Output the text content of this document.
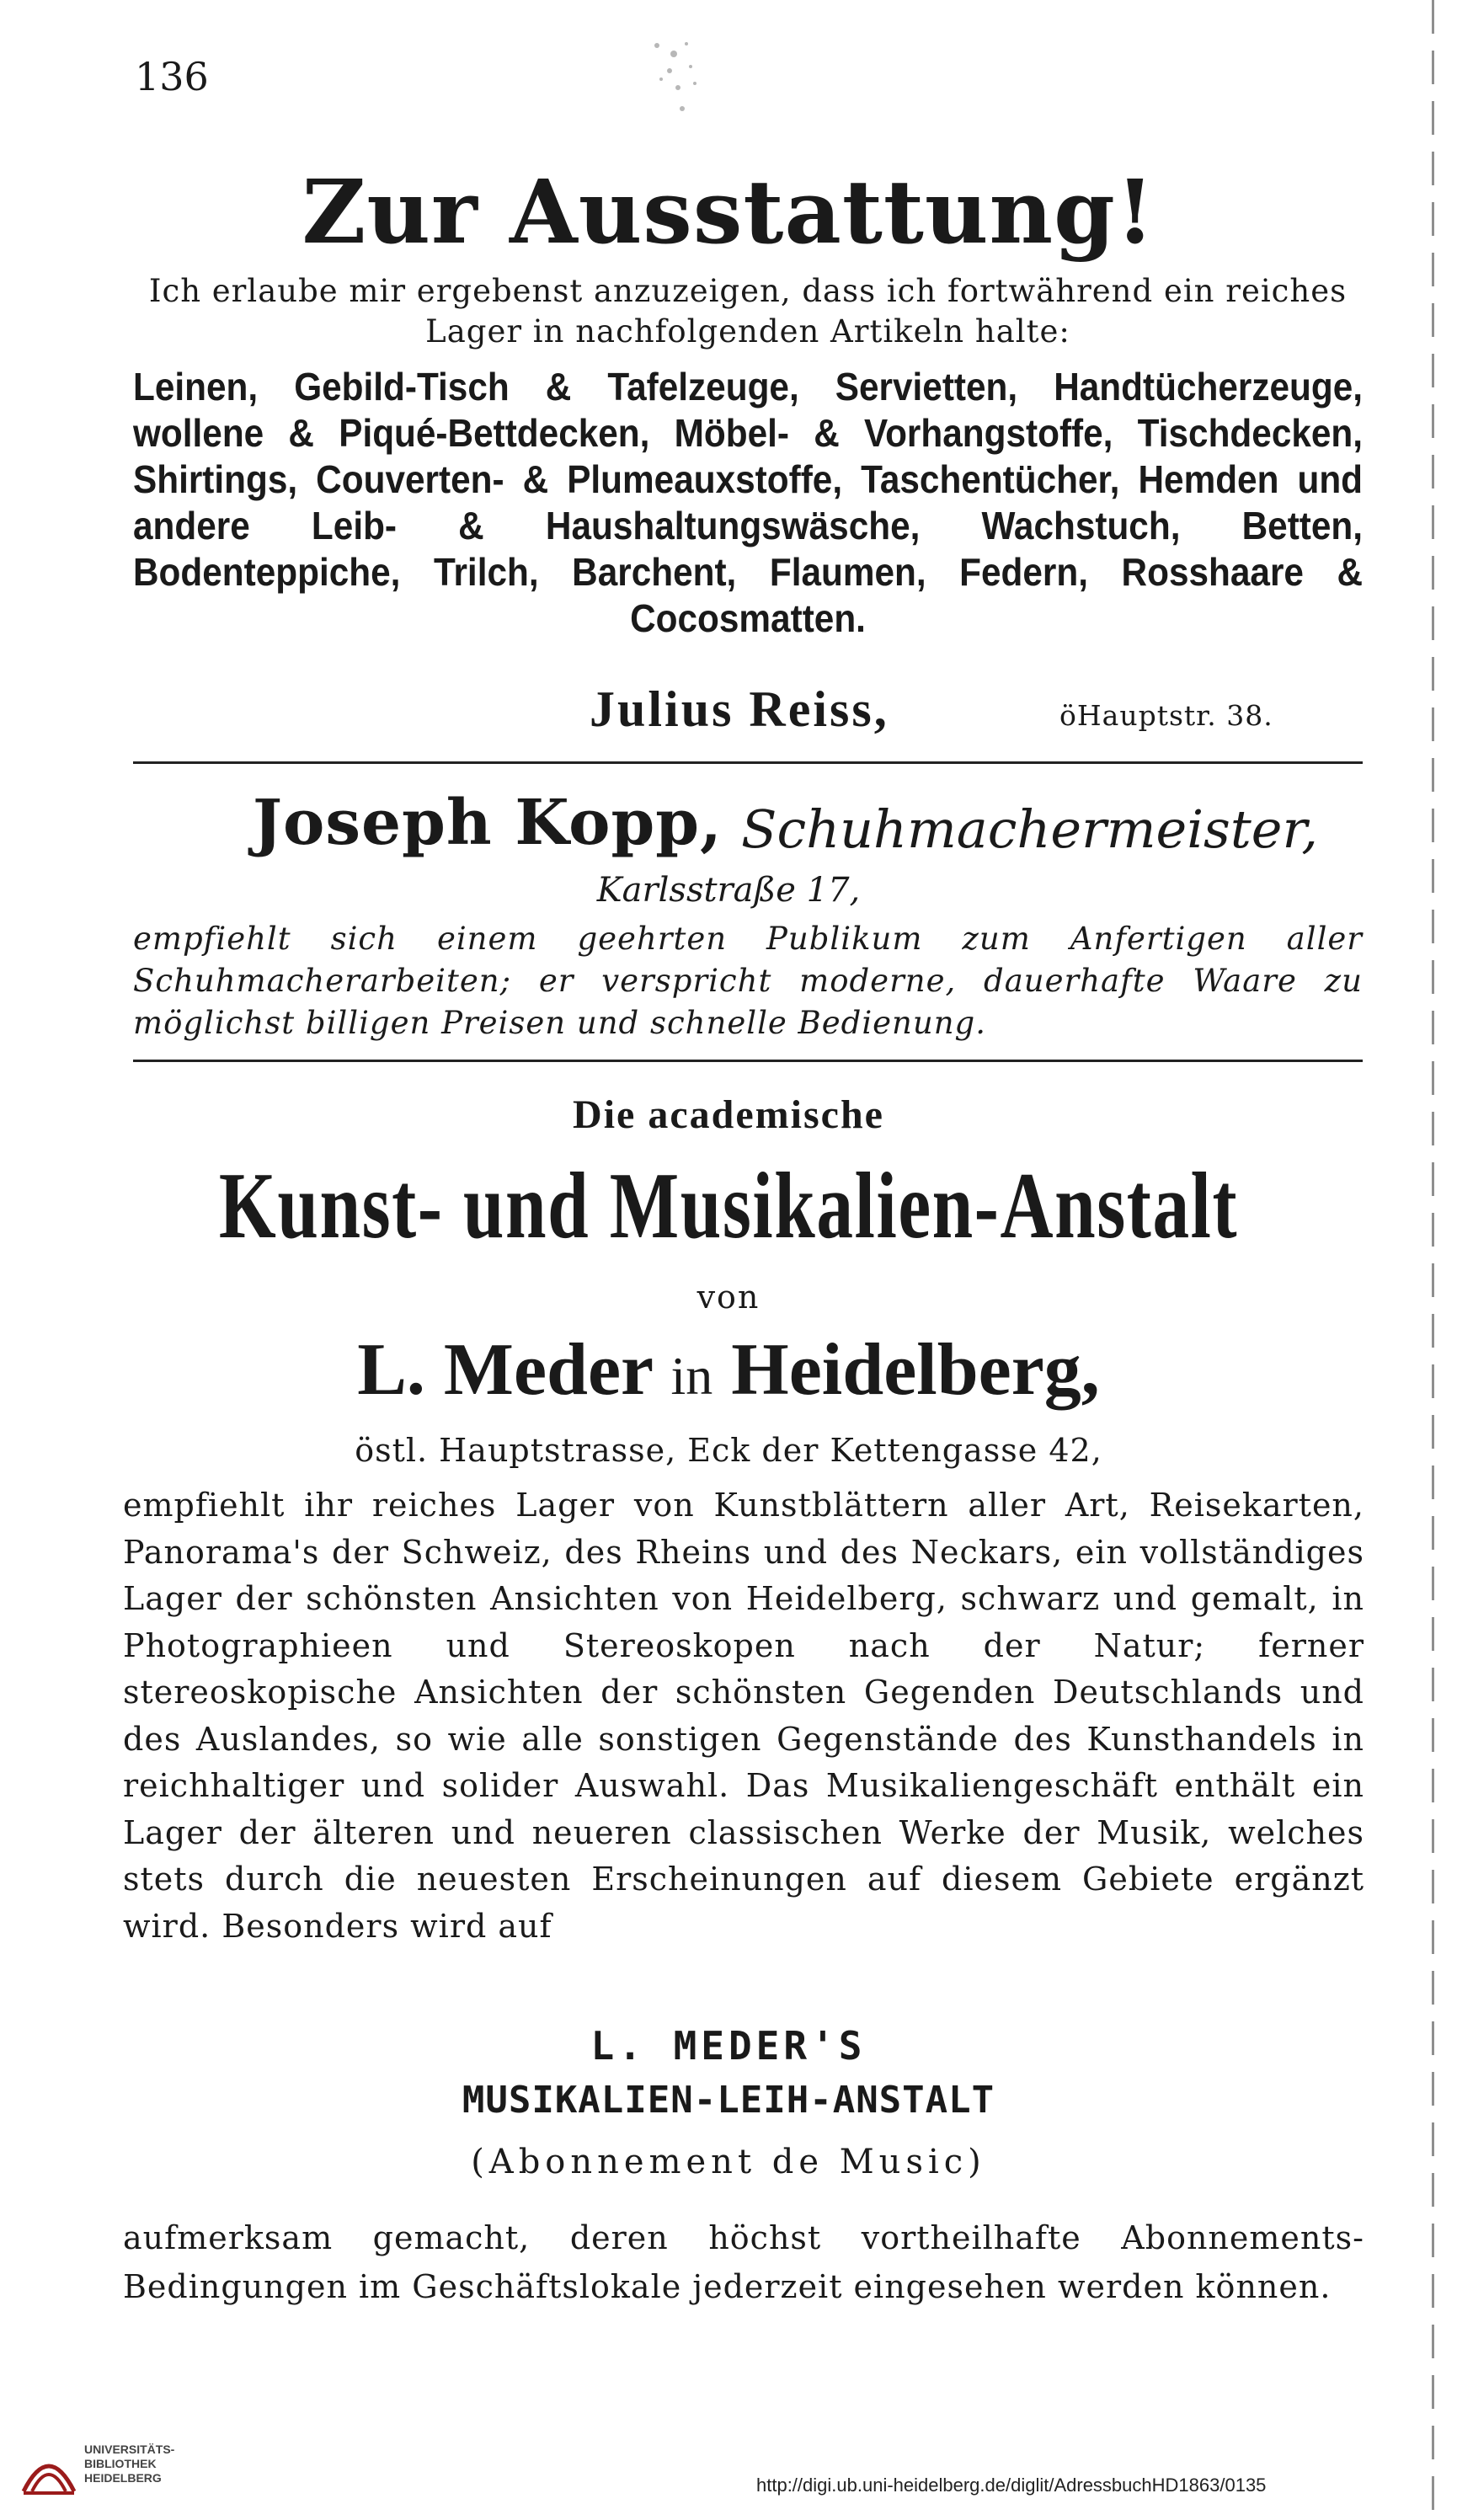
136
Zur Ausstattung!
Ich erlaube mir ergebenst anzuzeigen, dass ich fortwährend ein reiches Lager in nachfolgenden Artikeln halte:
Leinen, Gebild-Tisch & Tafelzeuge, Servietten, Handtücherzeuge, wollene & Piqué-Bettdecken, Möbel- & Vorhangstoffe, Tischdecken, Shirtings, Couverten- & Plumeauxstoffe, Taschentücher, Hemden und andere Leib- & Haushaltungswäsche, Wachstuch, Betten, Bodenteppiche, Trilch, Barchent, Flaumen, Federn, Rosshaare & Cocosmatten.
Julius Reiss,	öHauptstr. 38.
Joseph Kopp, Schuhmachermeister,
Karlsstraße 17,
empfiehlt sich einem geehrten Publikum zum Anfertigen aller Schuhmacherarbeiten; er verspricht moderne, dauerhafte Waare zu möglichst billigen Preisen und schnelle Bedienung.
Die academische
Kunst- und Musikalien-Anstalt
von
L. Meder in Heidelberg,
östl. Hauptstrasse, Eck der Kettengasse 42,
empfiehlt ihr reiches Lager von Kunstblättern aller Art, Reisekarten, Panorama's der Schweiz, des Rheins und des Neckars, ein vollständiges Lager der schönsten Ansichten von Heidelberg, schwarz und gemalt, in Photographieen und Stereoskopen nach der Natur; ferner stereoskopische Ansichten der schönsten Gegenden Deutschlands und des Auslandes, so wie alle sonstigen Gegenstände des Kunsthandels in reichhaltiger und solider Auswahl. Das Musikaliengeschäft enthält ein Lager der älteren und neueren classischen Werke der Musik, welches stets durch die neuesten Erscheinungen auf diesem Gebiete ergänzt wird. Besonders wird auf
L. MEDER'S
MUSIKALIEN-LEIH-ANSTALT
(Abonnement de Music)
aufmerksam gemacht, deren höchst vortheilhafte Abonnements-Bedingungen im Geschäftslokale jederzeit eingesehen werden können.
UNIVERSITÄTS-
BIBLIOTHEK
HEIDELBERG	http://digi.ub.uni-heidelberg.de/diglit/AdressbuchHD1863/0135
